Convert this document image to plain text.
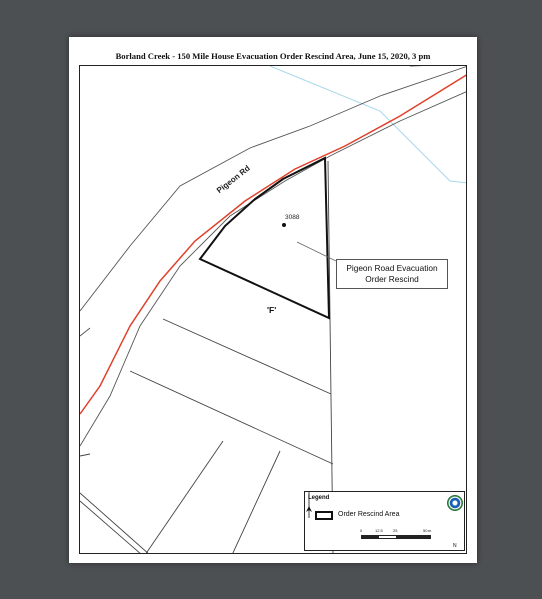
Borland Creek - 150 Mile House Evacuation Order Rescind Area, June 15, 2020, 3 pm
Pigeon Rd
3088
'F'
Pigeon Road Evacuation
Order Rescind
Legend
Order Rescind Area
0	12.5	25	50 m
N
